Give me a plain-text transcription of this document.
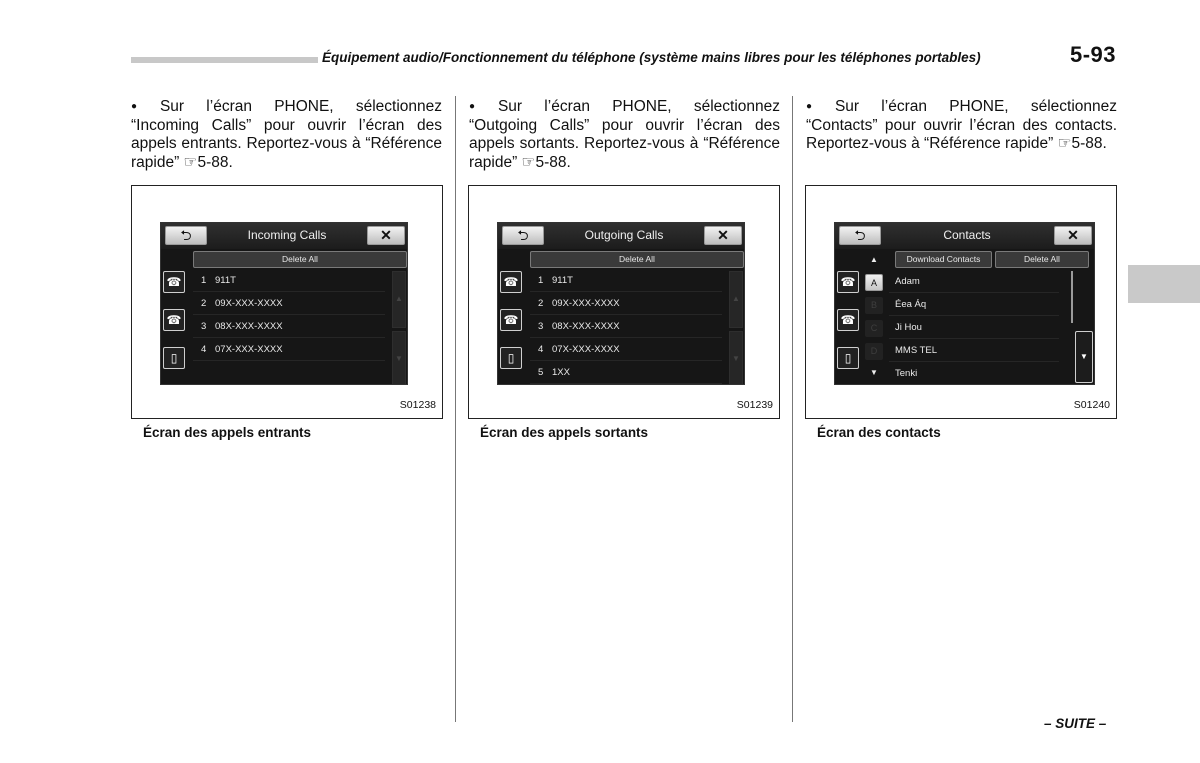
Équipement audio/Fonctionnement du téléphone (système mains libres pour les téléphones portables)	5-93

● Sur l’écran PHONE, sélectionnez “Incoming Calls” pour ouvrir l’écran des appels entrants. Reportez-vous à “Référence rapide” ☞5-88.

⮌	Incoming Calls	✕
Delete All
☎
☎
▯
1 911T
2 09X-XXX-XXXX
3 08X-XXX-XXXX
4 07X-XXX-XXXX
▲
▼
S01238
Écran des appels entrants

● Sur l’écran PHONE, sélectionnez “Outgoing Calls” pour ouvrir l’écran des appels sortants. Reportez-vous à “Référence rapide” ☞5-88.

⮌	Outgoing Calls	✕
Delete All
☎
☎
▯
1 911T
2 09X-XXX-XXXX
3 08X-XXX-XXXX
4 07X-XXX-XXXX
5 1XX
▲
▼
S01239
Écran des appels sortants

● Sur l’écran PHONE, sélectionnez “Contacts” pour ouvrir l’écran des contacts. Reportez-vous à “Référence rapide” ☞5-88.

⮌	Contacts	✕
Download Contacts	Delete All
☎
☎
▯
▲
A
B
C
D
▼
Adam
Éea Áq
Ji Hou
MMS TEL
Tenki
▼
S01240
Écran des contacts
– SUITE –
